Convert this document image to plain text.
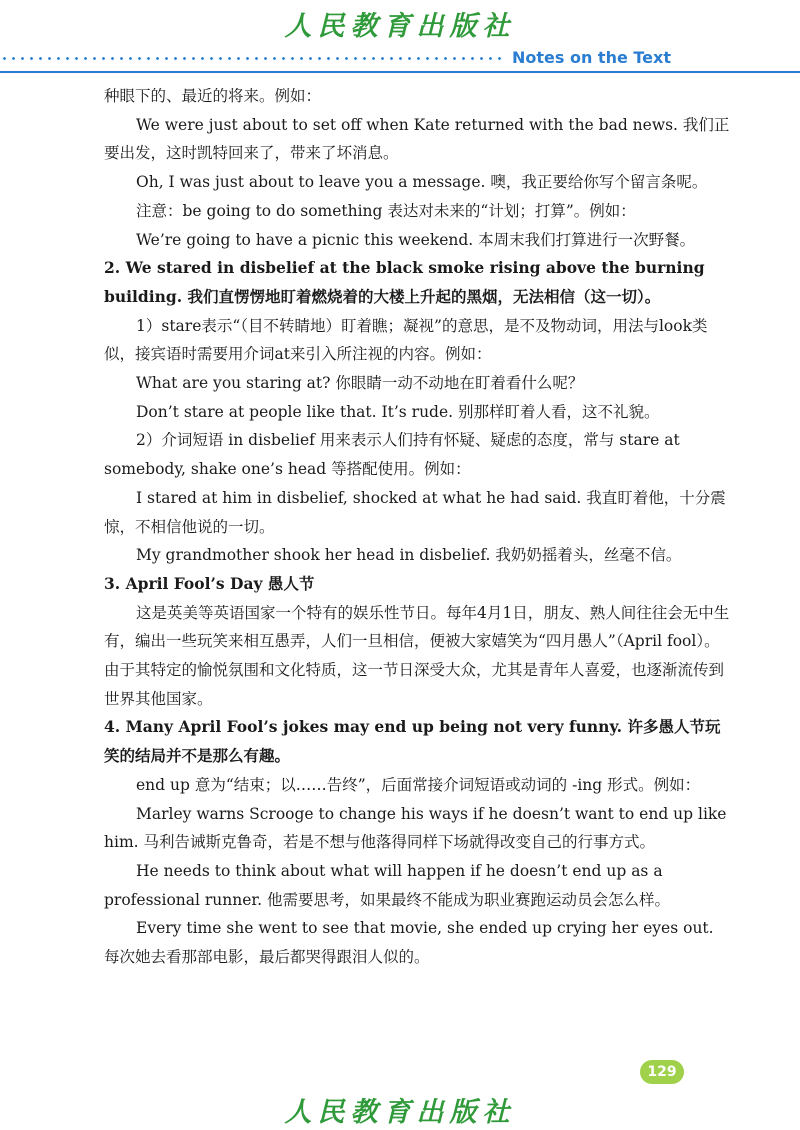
人民教育出版社
Notes on the Text

种眼下的、最近的将来。例如：

We were just about to set off when Kate returned with the bad news. 我们正要出发，这时凯特回来了，带来了坏消息。

Oh, I was just about to leave you a message. 噢，我正要给你写个留言条呢。

注意：be going to do something 表达对未来的“计划；打算”。例如：

We’re going to have a picnic this weekend. 本周末我们打算进行一次野餐。

2. We stared in disbelief at the black smoke rising above the burning building. 我们直愣愣地盯着燃烧着的大楼上升起的黑烟，无法相信（这一切）。

1）stare表示“（目不转睛地）盯着瞧；凝视”的意思，是不及物动词，用法与look类似，接宾语时需要用介词at来引入所注视的内容。例如：

What are you staring at? 你眼睛一动不动地在盯着看什么呢？

Don’t stare at people like that. It’s rude. 别那样盯着人看，这不礼貌。

2）介词短语 in disbelief 用来表示人们持有怀疑、疑虑的态度，常与 stare at somebody, shake one’s head 等搭配使用。例如：

I stared at him in disbelief, shocked at what he had said. 我直盯着他，十分震惊，不相信他说的一切。

My grandmother shook her head in disbelief. 我奶奶摇着头，丝毫不信。

3. April Fool’s Day 愚人节

这是英美等英语国家一个特有的娱乐性节日。每年4月1日，朋友、熟人间往往会无中生有，编出一些玩笑来相互愚弄，人们一旦相信，便被大家嬉笑为“四月愚人”（April fool）。由于其特定的愉悦氛围和文化特质，这一节日深受大众，尤其是青年人喜爱，也逐渐流传到世界其他国家。

4. Many April Fool’s jokes may end up being not very funny. 许多愚人节玩笑的结局并不是那么有趣。

end up 意为“结束；以……告终”，后面常接介词短语或动词的 -ing 形式。例如：

Marley warns Scrooge to change his ways if he doesn’t want to end up like him. 马利告诫斯克鲁奇，若是不想与他落得同样下场就得改变自己的行事方式。

He needs to think about what will happen if he doesn’t end up as a professional runner. 他需要思考，如果最终不能成为职业赛跑运动员会怎么样。

Every time she went to see that movie, she ended up crying her eyes out. 每次她去看那部电影，最后都哭得跟泪人似的。

129
人民教育出版社
